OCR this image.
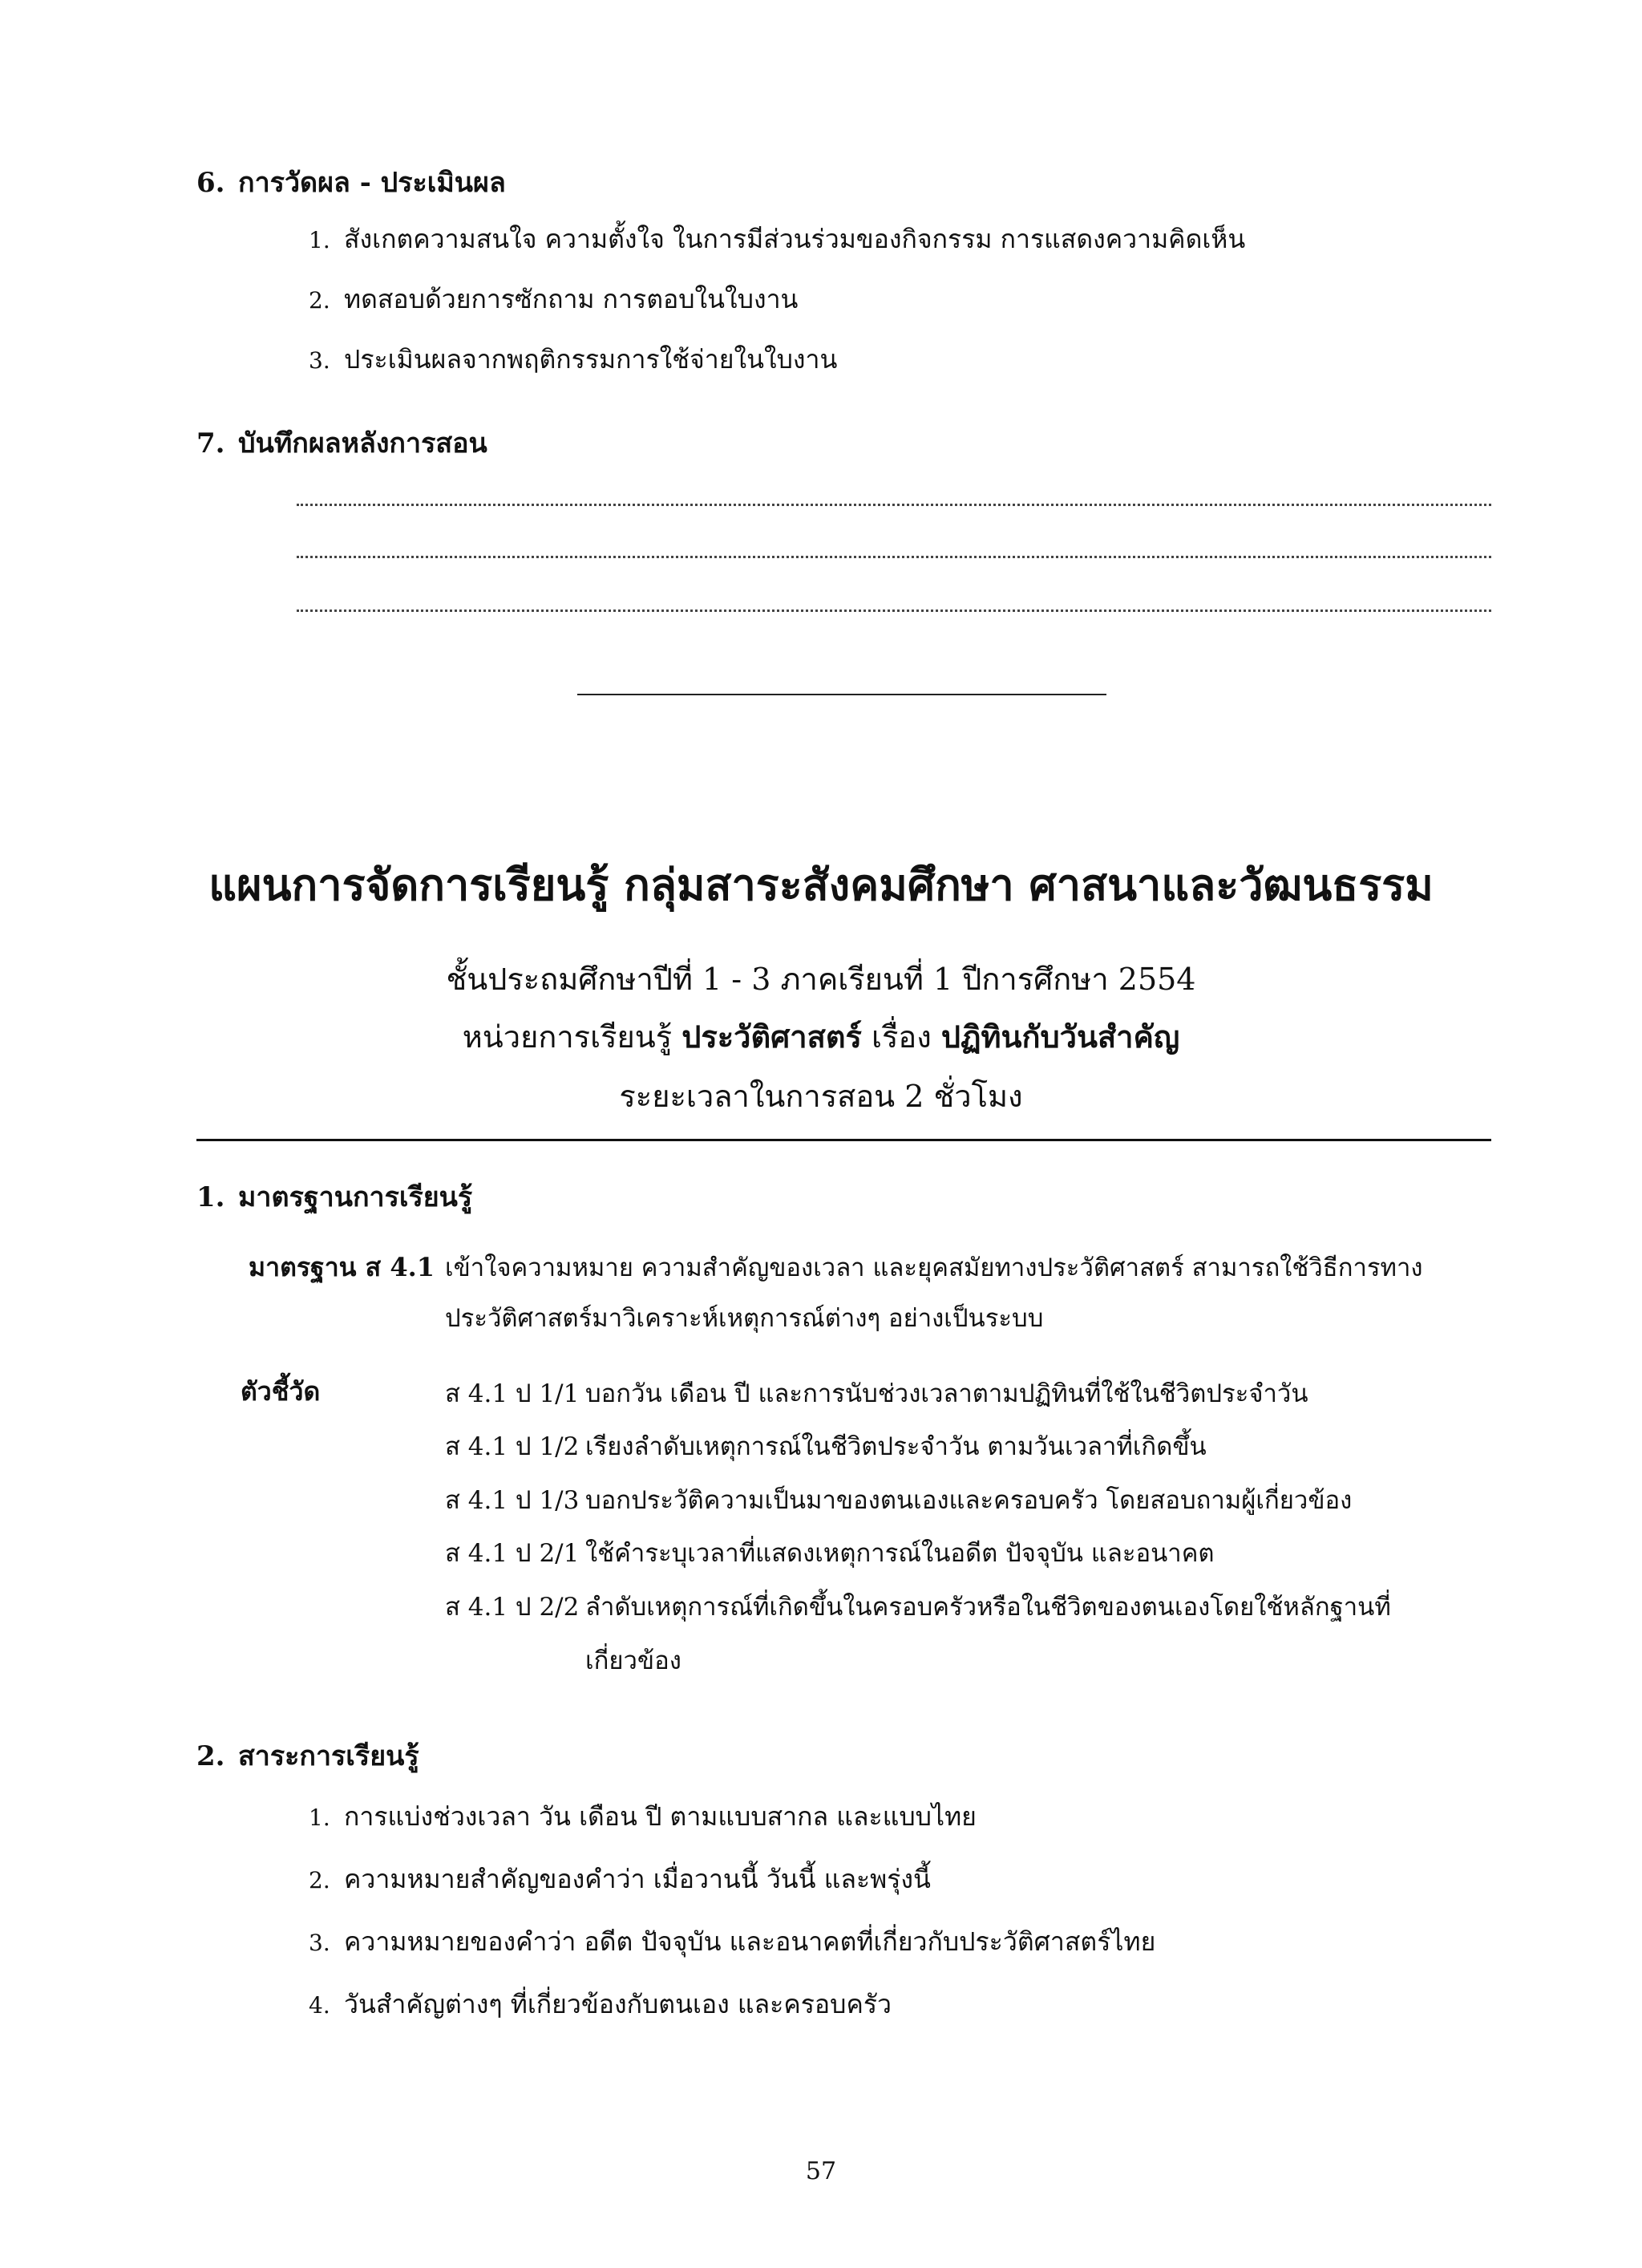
6. การวัดผล - ประเมินผล
1. สังเกตความสนใจ ความตั้งใจ ในการมีส่วนร่วมของกิจกรรม การแสดงความคิดเห็น
2. ทดสอบด้วยการซักถาม การตอบในใบงาน
3. ประเมินผลจากพฤติกรรมการใช้จ่ายในใบงาน
7. บันทึกผลหลังการสอน
แผนการจัดการเรียนรู้ กลุ่มสาระสังคมศึกษา ศาสนาและวัฒนธรรม
ชั้นประถมศึกษาปีที่ 1 - 3 ภาคเรียนที่ 1 ปีการศึกษา 2554
หน่วยการเรียนรู้ ประวัติศาสตร์ เรื่อง ปฏิทินกับวันสำคัญ
ระยะเวลาในการสอน 2 ชั่วโมง
1. มาตรฐานการเรียนรู้
มาตรฐาน ส 4.1 เข้าใจความหมาย ความสำคัญของเวลา และยุคสมัยทางประวัติศาสตร์ สามารถใช้วิธีการทาง
ประวัติศาสตร์มาวิเคราะห์เหตุการณ์ต่างๆ อย่างเป็นระบบ
ตัวชี้วัด	ส 4.1 ป 1/1 บอกวัน เดือน ปี และการนับช่วงเวลาตามปฏิทินที่ใช้ในชีวิตประจำวัน
ส 4.1 ป 1/2 เรียงลำดับเหตุการณ์ในชีวิตประจำวัน ตามวันเวลาที่เกิดขึ้น
ส 4.1 ป 1/3 บอกประวัติความเป็นมาของตนเองและครอบครัว โดยสอบถามผู้เกี่ยวข้อง
ส 4.1 ป 2/1 ใช้คำระบุเวลาที่แสดงเหตุการณ์ในอดีต ปัจจุบัน และอนาคต
ส 4.1 ป 2/2 ลำดับเหตุการณ์ที่เกิดขึ้นในครอบครัวหรือในชีวิตของตนเองโดยใช้หลักฐานที่
เกี่ยวข้อง
2. สาระการเรียนรู้
1. การแบ่งช่วงเวลา วัน เดือน ปี ตามแบบสากล และแบบไทย
2. ความหมายสำคัญของคำว่า เมื่อวานนี้ วันนี้ และพรุ่งนี้
3. ความหมายของคำว่า อดีต ปัจจุบัน และอนาคตที่เกี่ยวกับประวัติศาสตร์ไทย
4. วันสำคัญต่างๆ ที่เกี่ยวข้องกับตนเอง และครอบครัว
57
